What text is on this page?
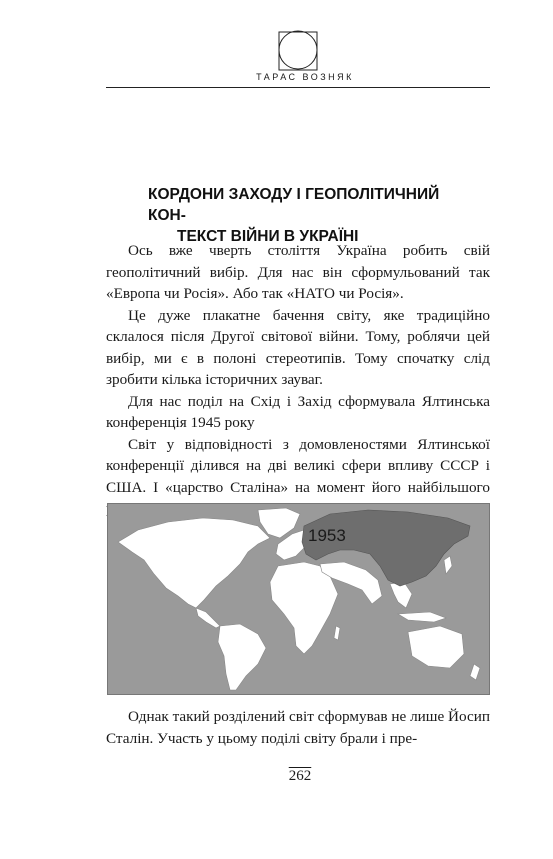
ТАРАС ВОЗНЯК
КОРДОНИ ЗАХОДУ І ГЕОПОЛІТИЧНИЙ КОН-
ТЕКСТ ВІЙНИ В УКРАЇНІ

Ось вже чверть століття Україна робить свій геополітичний вибір. Для нас він сформульований так «Европа чи Росія». Або так «НАТО чи Росія».

Це дуже плакатне бачення світу, яке традиційно склалося після Другої світової війни. Тому, роблячи цей вибір, ми є в полоні стереотипів. Тому спочатку слід зробити кілька історичних зауваг.

Для нас поділ на Схід і Захід сформувала Ялтинська конференція 1945 року

Світ у відповідності з домовленостями Ялтинської конференції ділився на дві великі сфери впливу СССР і США. І «царство Сталіна» на момент його найбільшого

1953

Однак такий розділений світ сформував не лише Йосип Сталін. Участь у цьому поділі світу брали і пре-

262
